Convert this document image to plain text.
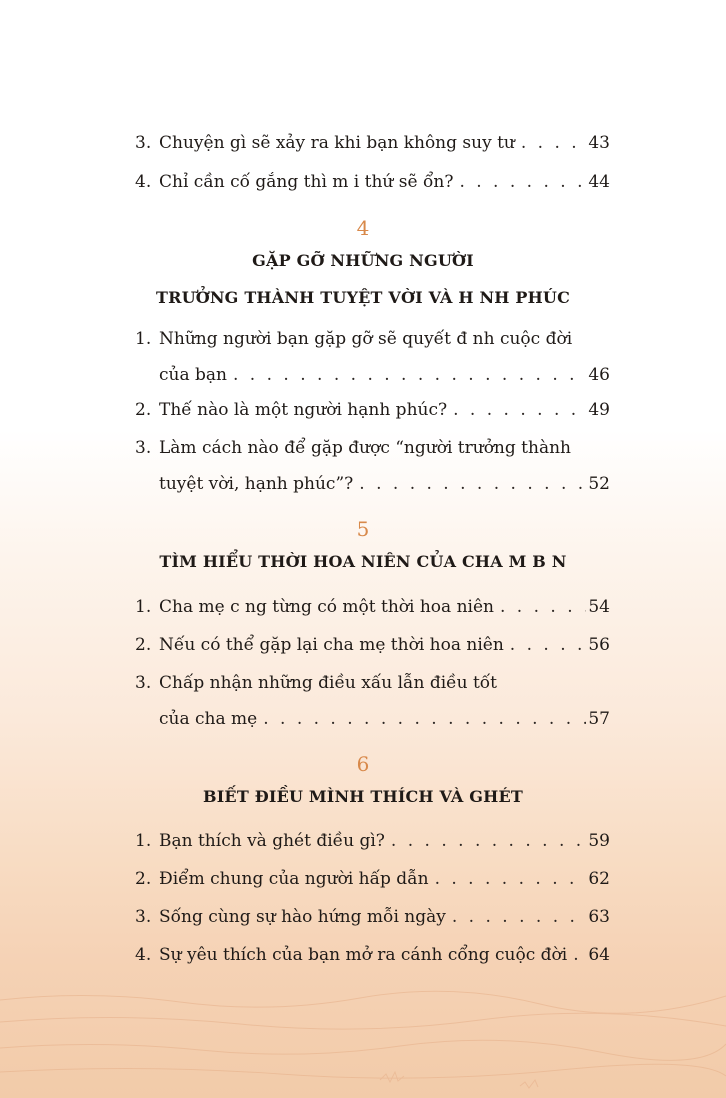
3. Chuyện gì sẽ xảy ra khi bạn không suy tư . . .	43
4. Chỉ cần cố gắng thì m i thứ sẽ ổn? . . .	44
4
GẶP GỠ NHỮNG NGƯỜI
TRƯỞNG THÀNH TUYỆT VỜI VÀ H NH PHÚC
1. Những người bạn gặp gỡ sẽ quyết đ nh cuộc đời
của bạn . . .	46
2. Thế nào là một người hạnh phúc? . . .	49
3. Làm cách nào để gặp được “người trưởng thành
tuyệt vời, hạnh phúc”? . . .	52
5
TÌM HIỂU THỜI HOA NIÊN CỦA CHA M B N
1. Cha mẹ c ng từng có một thời hoa niên . . .	54
2. Nếu có thể gặp lại cha mẹ thời hoa niên . . .	56
3. Chấp nhận những điều xấu lẫn điều tốt
của cha mẹ . . .	57
6
BIẾT ĐIỀU MÌNH THÍCH VÀ GHÉT
1. Bạn thích và ghét điều gì? . . .	59
2. Điểm chung của người hấp dẫn . . .	62
3. Sống cùng sự hào hứng mỗi ngày . . .	63
4. Sự yêu thích của bạn mở ra cánh cổng cuộc đời . . . 64
